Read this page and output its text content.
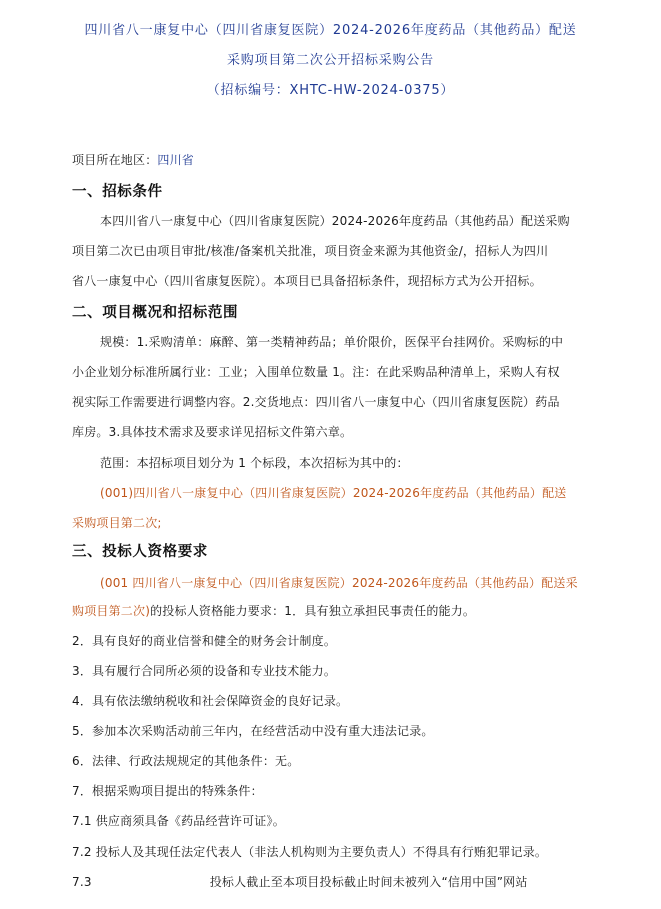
四川省八一康复中心（四川省康复医院）2024-2026年度药品（其他药品）配送
采购项目第二次公开招标采购公告
（招标编号：XHTC-HW-2024-0375）
项目所在地区：四川省
一、招标条件
本四川省八一康复中心（四川省康复医院）2024-2026年度药品（其他药品）配送采购
项目第二次已由项目审批/核准/备案机关批准，项目资金来源为其他资金/，招标人为四川
省八一康复中心（四川省康复医院）。本项目已具备招标条件，现招标方式为公开招标。
二、项目概况和招标范围
规模：1.采购清单：麻醉、第一类精神药品；单价限价，医保平台挂网价。采购标的中
小企业划分标准所属行业：工业；入围单位数量 1。注：在此采购品种清单上，采购人有权
视实际工作需要进行调整内容。2.交货地点：四川省八一康复中心（四川省康复医院）药品
库房。3.具体技术需求及要求详见招标文件第六章。
范围：本招标项目划分为 1 个标段，本次招标为其中的：
(001)四川省八一康复中心（四川省康复医院）2024-2026年度药品（其他药品）配送
采购项目第二次;
三、投标人资格要求
(001 四川省八一康复中心（四川省康复医院）2024-2026年度药品（其他药品）配送采
购项目第二次)的投标人资格能力要求：1．具有独立承担民事责任的能力。
2．具有良好的商业信誉和健全的财务会计制度。
3．具有履行合同所必须的设备和专业技术能力。
4．具有依法缴纳税收和社会保障资金的良好记录。
5．参加本次采购活动前三年内，在经营活动中没有重大违法记录。
6．法律、行政法规规定的其他条件：无。
7．根据采购项目提出的特殊条件：
7.1 供应商须具备《药品经营许可证》。
7.2 投标人及其现任法定代表人（非法人机构则为主要负责人）不得具有行贿犯罪记录。
7.3	投标人截止至本项目投标截止时间未被列入“信用中国”网站
